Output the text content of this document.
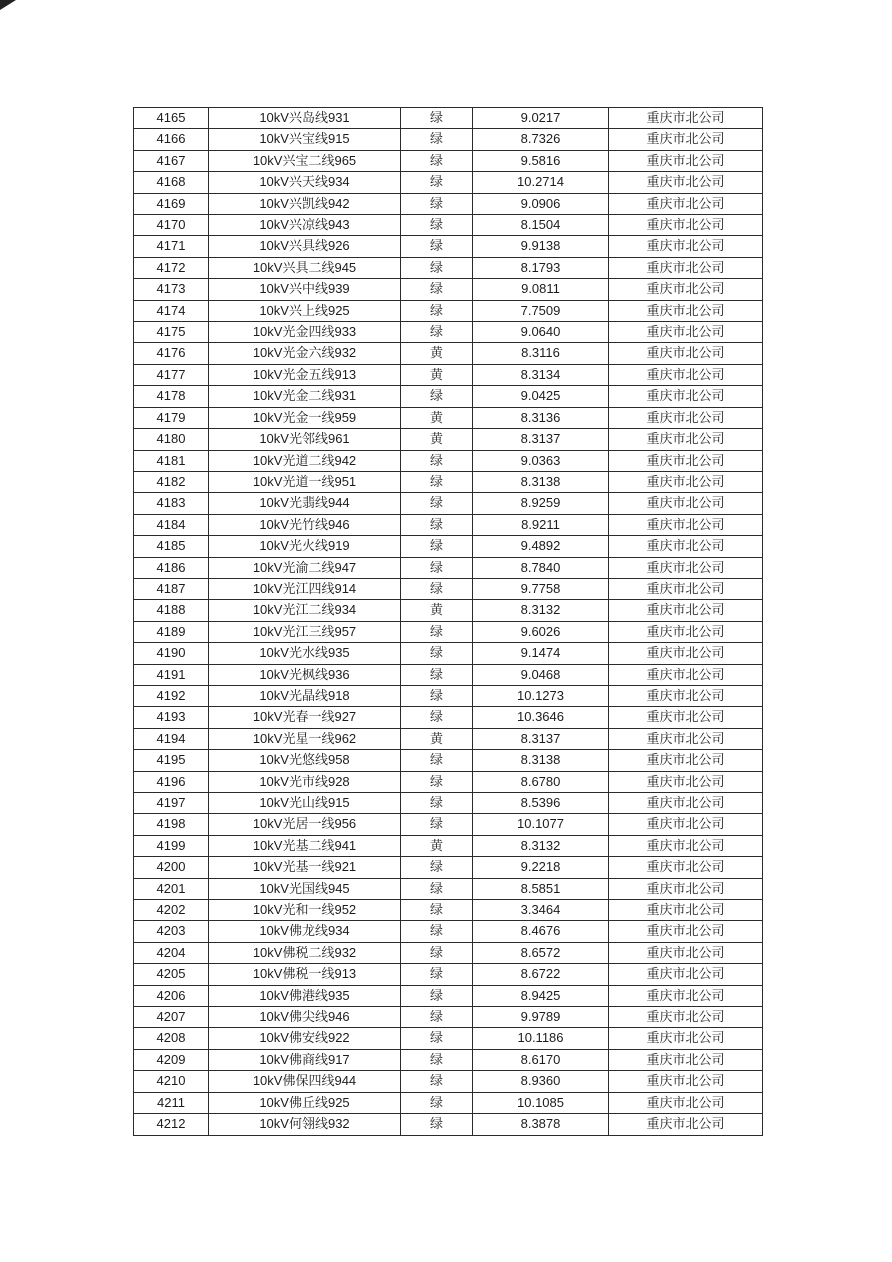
4165	10kV兴岛线931	绿	9.0217	重庆市北公司
4166	10kV兴宝线915	绿	8.7326	重庆市北公司
4167	10kV兴宝二线965	绿	9.5816	重庆市北公司
4168	10kV兴天线934	绿	10.2714	重庆市北公司
4169	10kV兴凯线942	绿	9.0906	重庆市北公司
4170	10kV兴凉线943	绿	8.1504	重庆市北公司
4171	10kV兴具线926	绿	9.9138	重庆市北公司
4172	10kV兴具二线945	绿	8.1793	重庆市北公司
4173	10kV兴中线939	绿	9.0811	重庆市北公司
4174	10kV兴上线925	绿	7.7509	重庆市北公司
4175	10kV光金四线933	绿	9.0640	重庆市北公司
4176	10kV光金六线932	黄	8.3116	重庆市北公司
4177	10kV光金五线913	黄	8.3134	重庆市北公司
4178	10kV光金二线931	绿	9.0425	重庆市北公司
4179	10kV光金一线959	黄	8.3136	重庆市北公司
4180	10kV光邻线961	黄	8.3137	重庆市北公司
4181	10kV光道二线942	绿	9.0363	重庆市北公司
4182	10kV光道一线951	绿	8.3138	重庆市北公司
4183	10kV光翡线944	绿	8.9259	重庆市北公司
4184	10kV光竹线946	绿	8.9211	重庆市北公司
4185	10kV光火线919	绿	9.4892	重庆市北公司
4186	10kV光渝二线947	绿	8.7840	重庆市北公司
4187	10kV光江四线914	绿	9.7758	重庆市北公司
4188	10kV光江二线934	黄	8.3132	重庆市北公司
4189	10kV光江三线957	绿	9.6026	重庆市北公司
4190	10kV光水线935	绿	9.1474	重庆市北公司
4191	10kV光枫线936	绿	9.0468	重庆市北公司
4192	10kV光晶线918	绿	10.1273	重庆市北公司
4193	10kV光春一线927	绿	10.3646	重庆市北公司
4194	10kV光星一线962	黄	8.3137	重庆市北公司
4195	10kV光悠线958	绿	8.3138	重庆市北公司
4196	10kV光市线928	绿	8.6780	重庆市北公司
4197	10kV光山线915	绿	8.5396	重庆市北公司
4198	10kV光居一线956	绿	10.1077	重庆市北公司
4199	10kV光基二线941	黄	8.3132	重庆市北公司
4200	10kV光基一线921	绿	9.2218	重庆市北公司
4201	10kV光国线945	绿	8.5851	重庆市北公司
4202	10kV光和一线952	绿	3.3464	重庆市北公司
4203	10kV佛龙线934	绿	8.4676	重庆市北公司
4204	10kV佛税二线932	绿	8.6572	重庆市北公司
4205	10kV佛税一线913	绿	8.6722	重庆市北公司
4206	10kV佛港线935	绿	8.9425	重庆市北公司
4207	10kV佛尖线946	绿	9.9789	重庆市北公司
4208	10kV佛安线922	绿	10.1186	重庆市北公司
4209	10kV佛商线917	绿	8.6170	重庆市北公司
4210	10kV佛保四线944	绿	8.9360	重庆市北公司
4211	10kV佛丘线925	绿	10.1085	重庆市北公司
4212	10kV何翎线932	绿	8.3878	重庆市北公司
